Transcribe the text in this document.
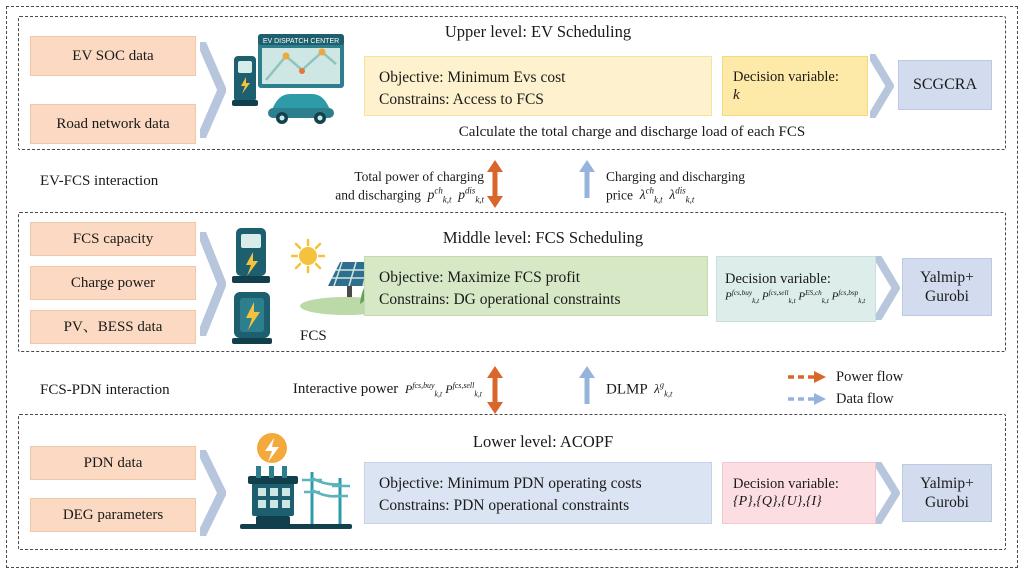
EV SOC data
Road network data
EV DISPATCH CENTER
Upper level: EV Scheduling
Objective: Minimum Evs cost
Constrains: Access to FCS
Decision variable:
k
SCGCRA
Calculate the total charge and discharge load of each FCS
EV-FCS interaction	Total power of charging
and discharging  $p^{ch}_{k,t}$  $p^{dis}_{k,t}$
Charging and discharging
price  $\lambda^{ch}_{k,t}$  $\lambda^{dis}_{k,t}$
FCS capacity
Charge power
PV、BESS data
FCS
Middle level: FCS Scheduling
Objective: Maximize FCS profit
Constrains: DG operational constraints
Decision variable:
$P^{fcs,buy}_{k,t}$ $P^{fcs,sell}_{k,t}$ $P^{ES,ch}_{k,t}$ $P^{fcs,bsp}_{k,t}$
Yalmip+
Gurobi
FCS-PDN interaction	Interactive power  $P^{fcs,buy}_{k,t}$ $P^{fcs,sell}_{k,t}$	DLMP  $\lambda^g_{k,t}$
Power flow
Data flow
PDN data
DEG parameters
Lower level: ACOPF
Objective: Minimum PDN operating costs
Constrains: PDN operational constraints
Decision variable:
{P},{Q},{U},{I}
Yalmip+
Gurobi
